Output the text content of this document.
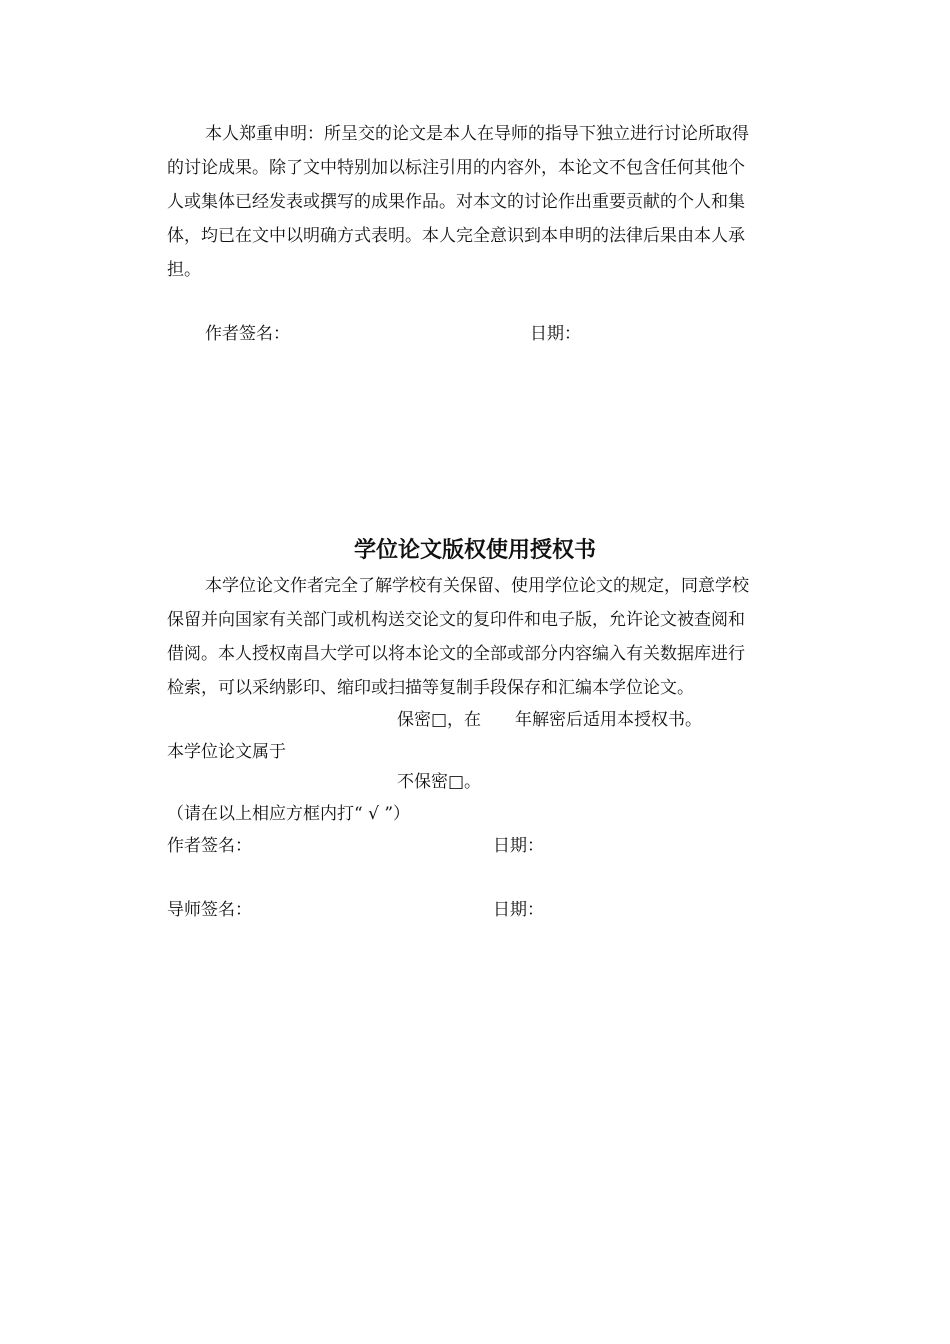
本人郑重申明：所呈交的论文是本人在导师的指导下独立进行讨论所取得
的讨论成果。除了文中特别加以标注引用的内容外，本论文不包含任何其他个
人或集体已经发表或撰写的成果作品。对本文的讨论作出重要贡献的个人和集
体，均已在文中以明确方式表明。本人完全意识到本申明的法律后果由本人承
担。
作者签名：	日期：
学位论文版权使用授权书
本学位论文作者完全了解学校有关保留、使用学位论文的规定，同意学校
保留并向国家有关部门或机构送交论文的复印件和电子版，允许论文被查阅和
借阅。本人授权南昌大学可以将本论文的全部或部分内容编入有关数据库进行
检索，可以采纳影印、缩印或扫描等复制手段保存和汇编本学位论文。
保密□，在　　年解密后适用本授权书。
本学位论文属于
不保密□。
（请在以上相应方框内打“ √ ”）
作者签名：	日期：
导师签名：	日期：
